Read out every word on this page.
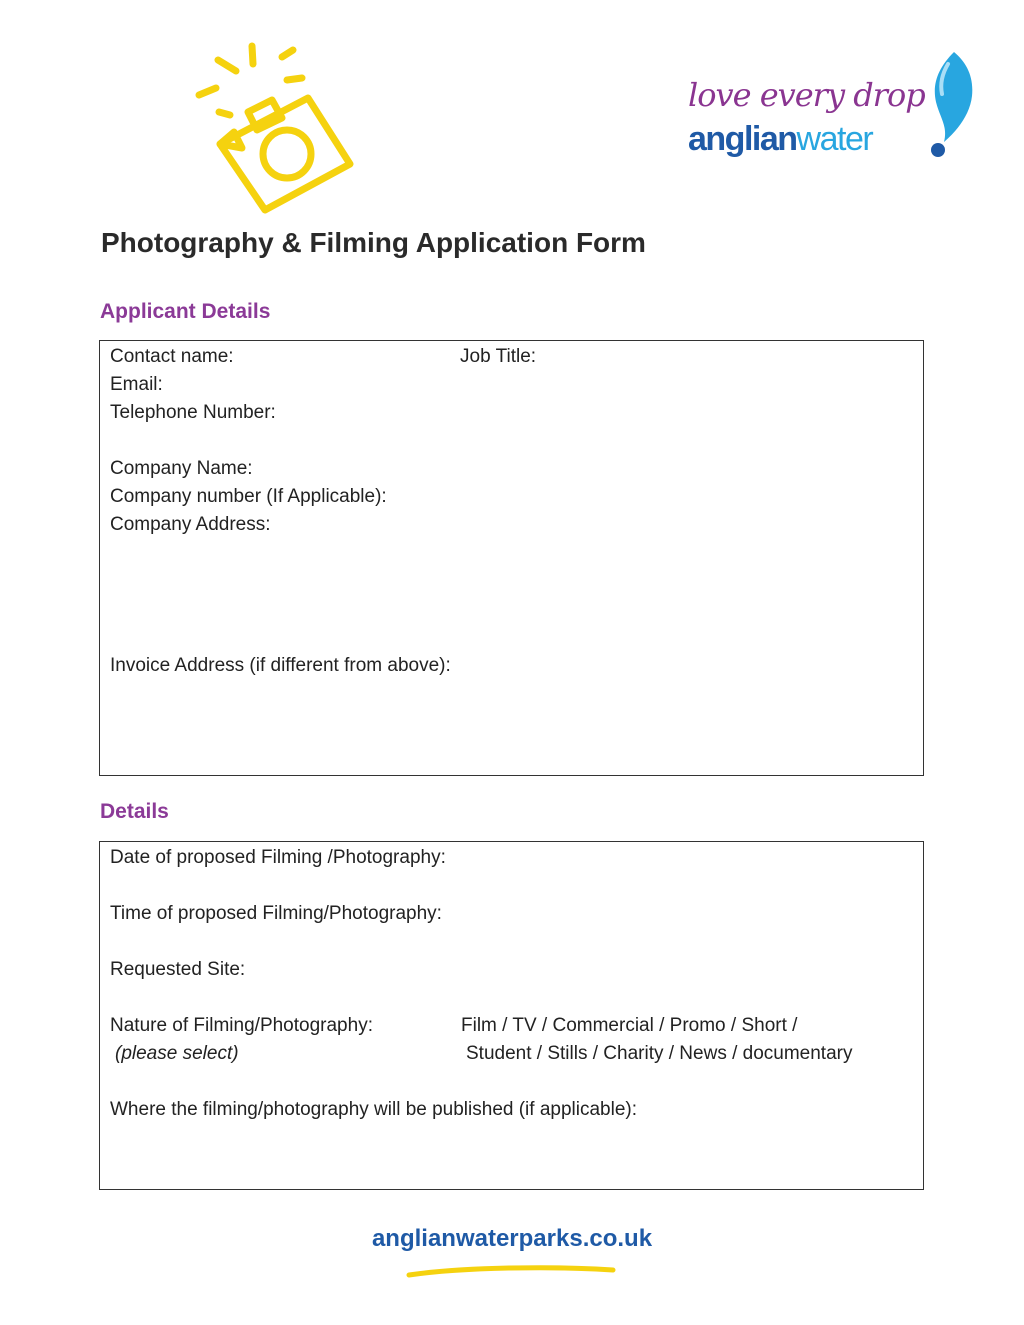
love every drop
anglianwater
Photography & Filming Application Form
Applicant Details
Contact name:	Job Title:
Email:
Telephone Number:
Company Name:
Company number (If Applicable):
Company Address:
Invoice Address (if different from above):
Details
Date of proposed Filming /Photography:
Time of proposed Filming/Photography:
Requested Site:
Nature of Filming/Photography:	Film / TV / Commercial / Promo / Short /
(please select)	Student / Stills / Charity / News / documentary
Where the filming/photography will be published (if applicable):
anglianwaterparks.co.uk
